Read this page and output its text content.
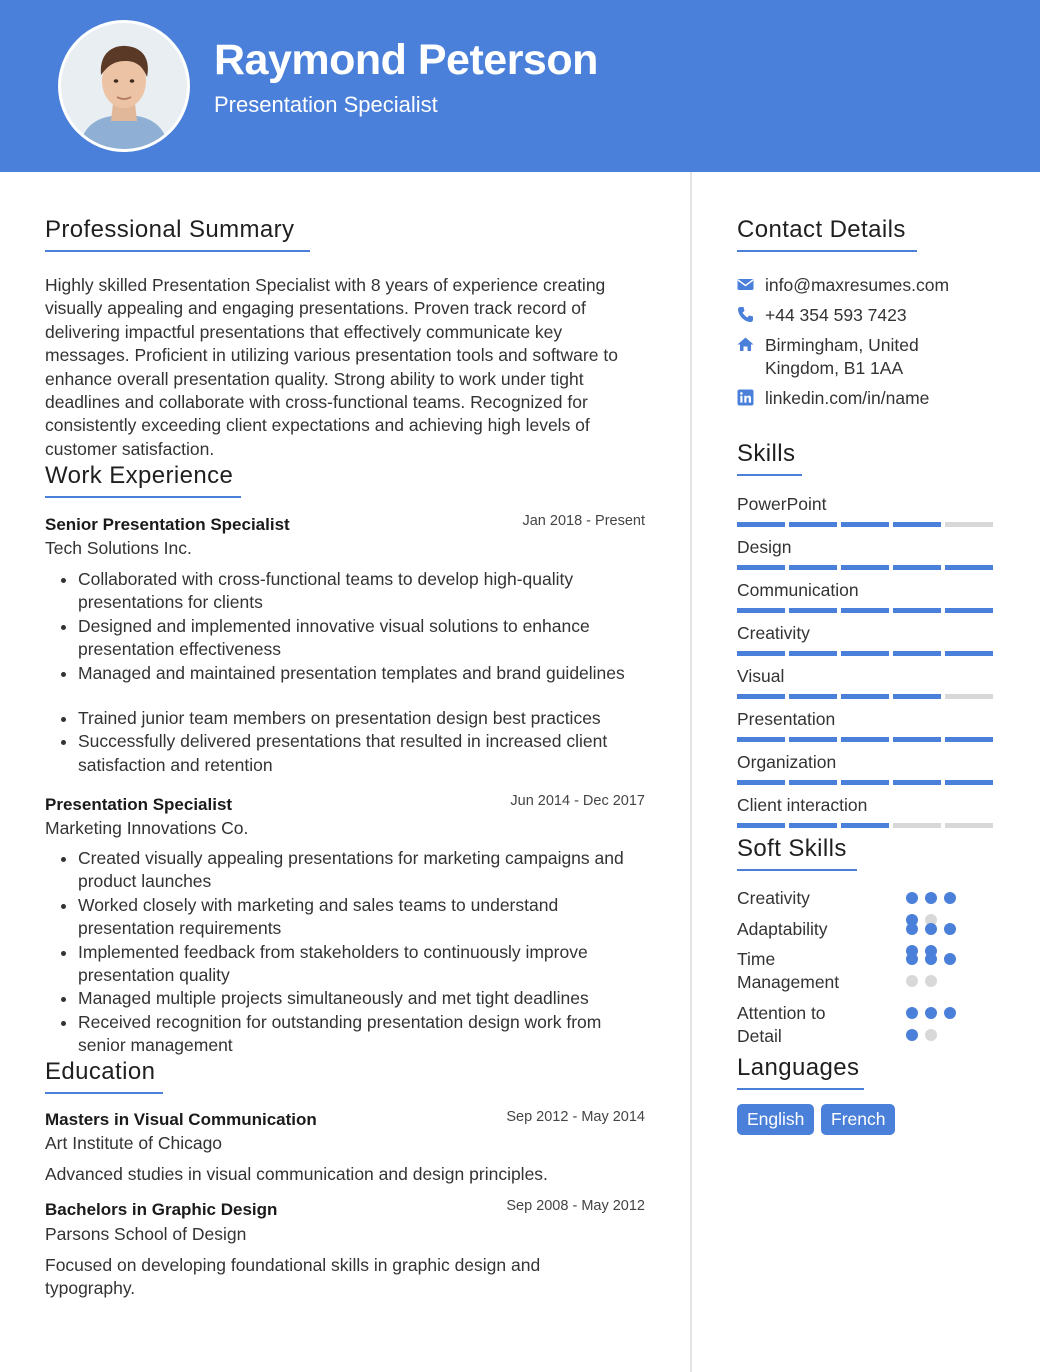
Raymond Peterson
Presentation Specialist
Professional Summary
Highly skilled Presentation Specialist with 8 years of experience creating visually appealing and engaging presentations. Proven track record of delivering impactful presentations that effectively communicate key messages. Proficient in utilizing various presentation tools and software to enhance overall presentation quality. Strong ability to work under tight deadlines and collaborate with cross-functional teams. Recognized for consistently exceeding client expectations and achieving high levels of customer satisfaction.
Work Experience
Senior Presentation Specialist	Jan 2018 - Present
Tech Solutions Inc.
Collaborated with cross-functional teams to develop high-quality presentations for clients
Designed and implemented innovative visual solutions to enhance presentation effectiveness
Managed and maintained presentation templates and brand guidelines
Trained junior team members on presentation design best practices
Successfully delivered presentations that resulted in increased client satisfaction and retention
Presentation Specialist	Jun 2014 - Dec 2017
Marketing Innovations Co.
Created visually appealing presentations for marketing campaigns and product launches
Worked closely with marketing and sales teams to understand presentation requirements
Implemented feedback from stakeholders to continuously improve presentation quality
Managed multiple projects simultaneously and met tight deadlines
Received recognition for outstanding presentation design work from senior management
Education
Masters in Visual Communication	Sep 2012 - May 2014
Art Institute of Chicago
Advanced studies in visual communication and design principles.
Bachelors in Graphic Design	Sep 2008 - May 2012
Parsons School of Design
Focused on developing foundational skills in graphic design and typography.
Contact Details
info@maxresumes.com
+44 354 593 7423
Birmingham, United Kingdom, B1 1AA
linkedin.com/in/name
Skills
PowerPoint
Design
Communication
Creativity
Visual
Presentation
Organization
Client interaction
Soft Skills
Creativity
Adaptability
Time Management
Attention to Detail
Languages
English	French
